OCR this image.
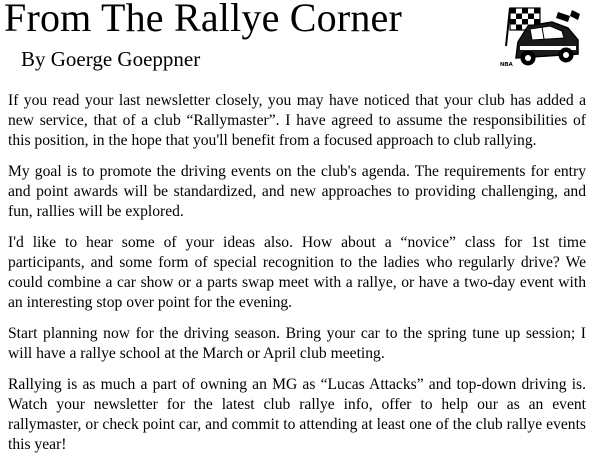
From The Rallye Corner
By Goerge Goeppner	ɴʙᴀ

If you read your last newsletter closely, you may have noticed that your club has added a new service, that of a club “Rallymaster”. I have agreed to assume the responsibilities of this position, in the hope that you'll benefit from a focused approach to club rallying.

My goal is to promote the driving events on the club's agenda. The requirements for entry and point awards will be standardized, and new approaches to providing challenging, and fun, rallies will be explored.

I'd like to hear some of your ideas also. How about a “novice” class for 1st time participants, and some form of special recognition to the ladies who regularly drive? We could combine a car show or a parts swap meet with a rallye, or have a two-day event with an interesting stop over point for the evening.

Start planning now for the driving season. Bring your car to the spring tune up session; I will have a rallye school at the March or April club meeting.

Rallying is as much a part of owning an MG as “Lucas Attacks” and top-down driving is. Watch your newsletter for the latest club rallye info, offer to help our as an event rallymaster, or check point car, and commit to attending at least one of the club rallye events this year!
